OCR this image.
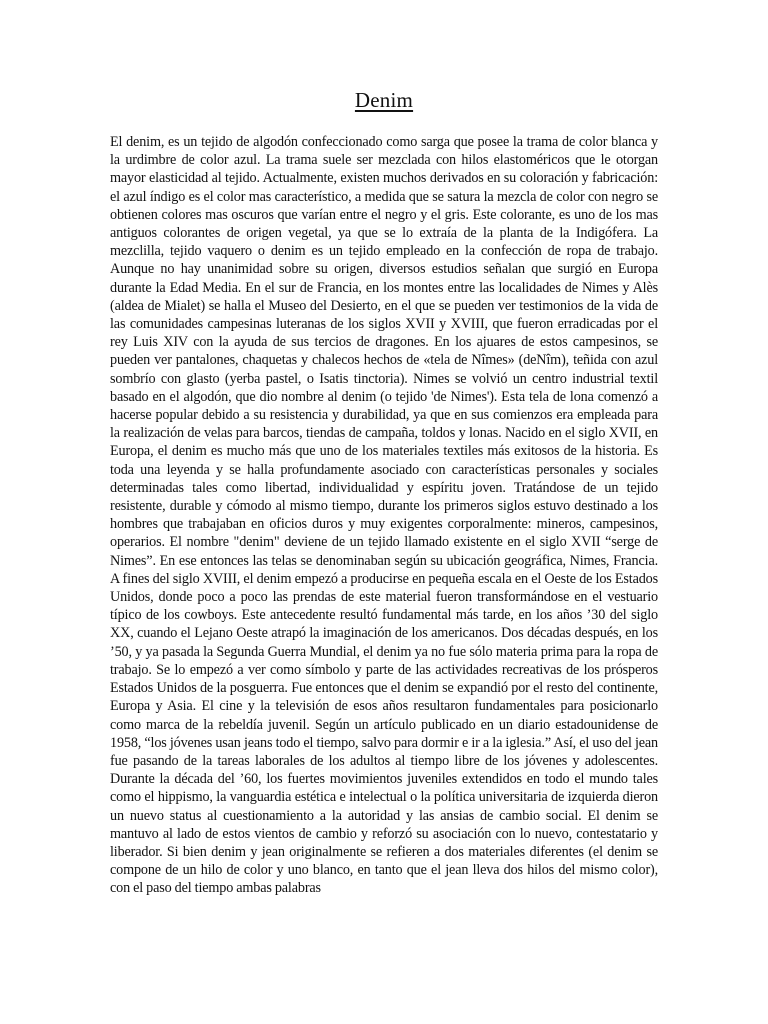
Denim

El denim, es un tejido de algodón confeccionado como sarga que posee la trama de color blanca y la urdimbre de color azul. La trama suele ser mezclada con hilos elastoméricos que le otorgan mayor elasticidad al tejido. Actualmente, existen muchos derivados en su coloración y fabricación: el azul índigo es el color mas característico, a medida que se satura la mezcla de color con negro se obtienen colores mas oscuros que varían entre el negro y el gris. Este colorante, es uno de los mas antiguos colorantes de origen vegetal, ya que se lo extraía de la planta de la Indigófera. La mezclilla, tejido vaquero o denim es un tejido empleado en la confección de ropa de trabajo. Aunque no hay unanimidad sobre su origen, diversos estudios señalan que surgió en Europa durante la Edad Media. En el sur de Francia, en los montes entre las localidades de Nimes y Alès (aldea de Mialet) se halla el Museo del Desierto, en el que se pueden ver testimonios de la vida de las comunidades campesinas luteranas de los siglos XVII y XVIII, que fueron erradicadas por el rey Luis XIV con la ayuda de sus tercios de dragones. En los ajuares de estos campesinos, se pueden ver pantalones, chaquetas y chalecos hechos de «tela de Nîmes» (deNîm), teñida con azul sombrío con glasto (yerba pastel, o Isatis tinctoria). Nimes se volvió un centro industrial textil basado en el algodón, que dio nombre al denim (o tejido 'de Nimes'). Esta tela de lona comenzó a hacerse popular debido a su resistencia y durabilidad, ya que en sus comienzos era empleada para la realización de velas para barcos, tiendas de campaña, toldos y lonas. Nacido en el siglo XVII, en Europa, el denim es mucho más que uno de los materiales textiles más exitosos de la historia. Es toda una leyenda y se halla profundamente asociado con características personales y sociales determinadas tales como libertad, individualidad y espíritu joven. Tratándose de un tejido resistente, durable y cómodo al mismo tiempo, durante los primeros siglos estuvo destinado a los hombres que trabajaban en oficios duros y muy exigentes corporalmente: mineros, campesinos, operarios. El nombre "denim" deviene de un tejido llamado existente en el siglo XVII “serge de Nimes”. En ese entonces las telas se denominaban según su ubicación geográfica, Nimes, Francia. A fines del siglo XVIII, el denim empezó a producirse en pequeña escala en el Oeste de los Estados Unidos, donde poco a poco las prendas de este material fueron transformándose en el vestuario típico de los cowboys. Este antecedente resultó fundamental más tarde, en los años ’30 del siglo XX, cuando el Lejano Oeste atrapó la imaginación de los americanos. Dos décadas después, en los ’50, y ya pasada la Segunda Guerra Mundial, el denim ya no fue sólo materia prima para la ropa de trabajo. Se lo empezó a ver como símbolo y parte de las actividades recreativas de los prósperos Estados Unidos de la posguerra. Fue entonces que el denim se expandió por el resto del continente, Europa y Asia. El cine y la televisión de esos años resultaron fundamentales para posicionarlo como marca de la rebeldía juvenil. Según un artículo publicado en un diario estadounidense de 1958, “los jóvenes usan jeans todo el tiempo, salvo para dormir e ir a la iglesia.” Así, el uso del jean fue pasando de la tareas laborales de los adultos al tiempo libre de los jóvenes y adolescentes. Durante la década del ’60, los fuertes movimientos juveniles extendidos en todo el mundo tales como el hippismo, la vanguardia estética e intelectual o la política universitaria de izquierda dieron un nuevo status al cuestionamiento a la autoridad y las ansias de cambio social. El denim se mantuvo al lado de estos vientos de cambio y reforzó su asociación con lo nuevo, contestatario y liberador. Si bien denim y jean originalmente se refieren a dos materiales diferentes (el denim se compone de un hilo de color y uno blanco, en tanto que el jean lleva dos hilos del mismo color), con el paso del tiempo ambas palabras
